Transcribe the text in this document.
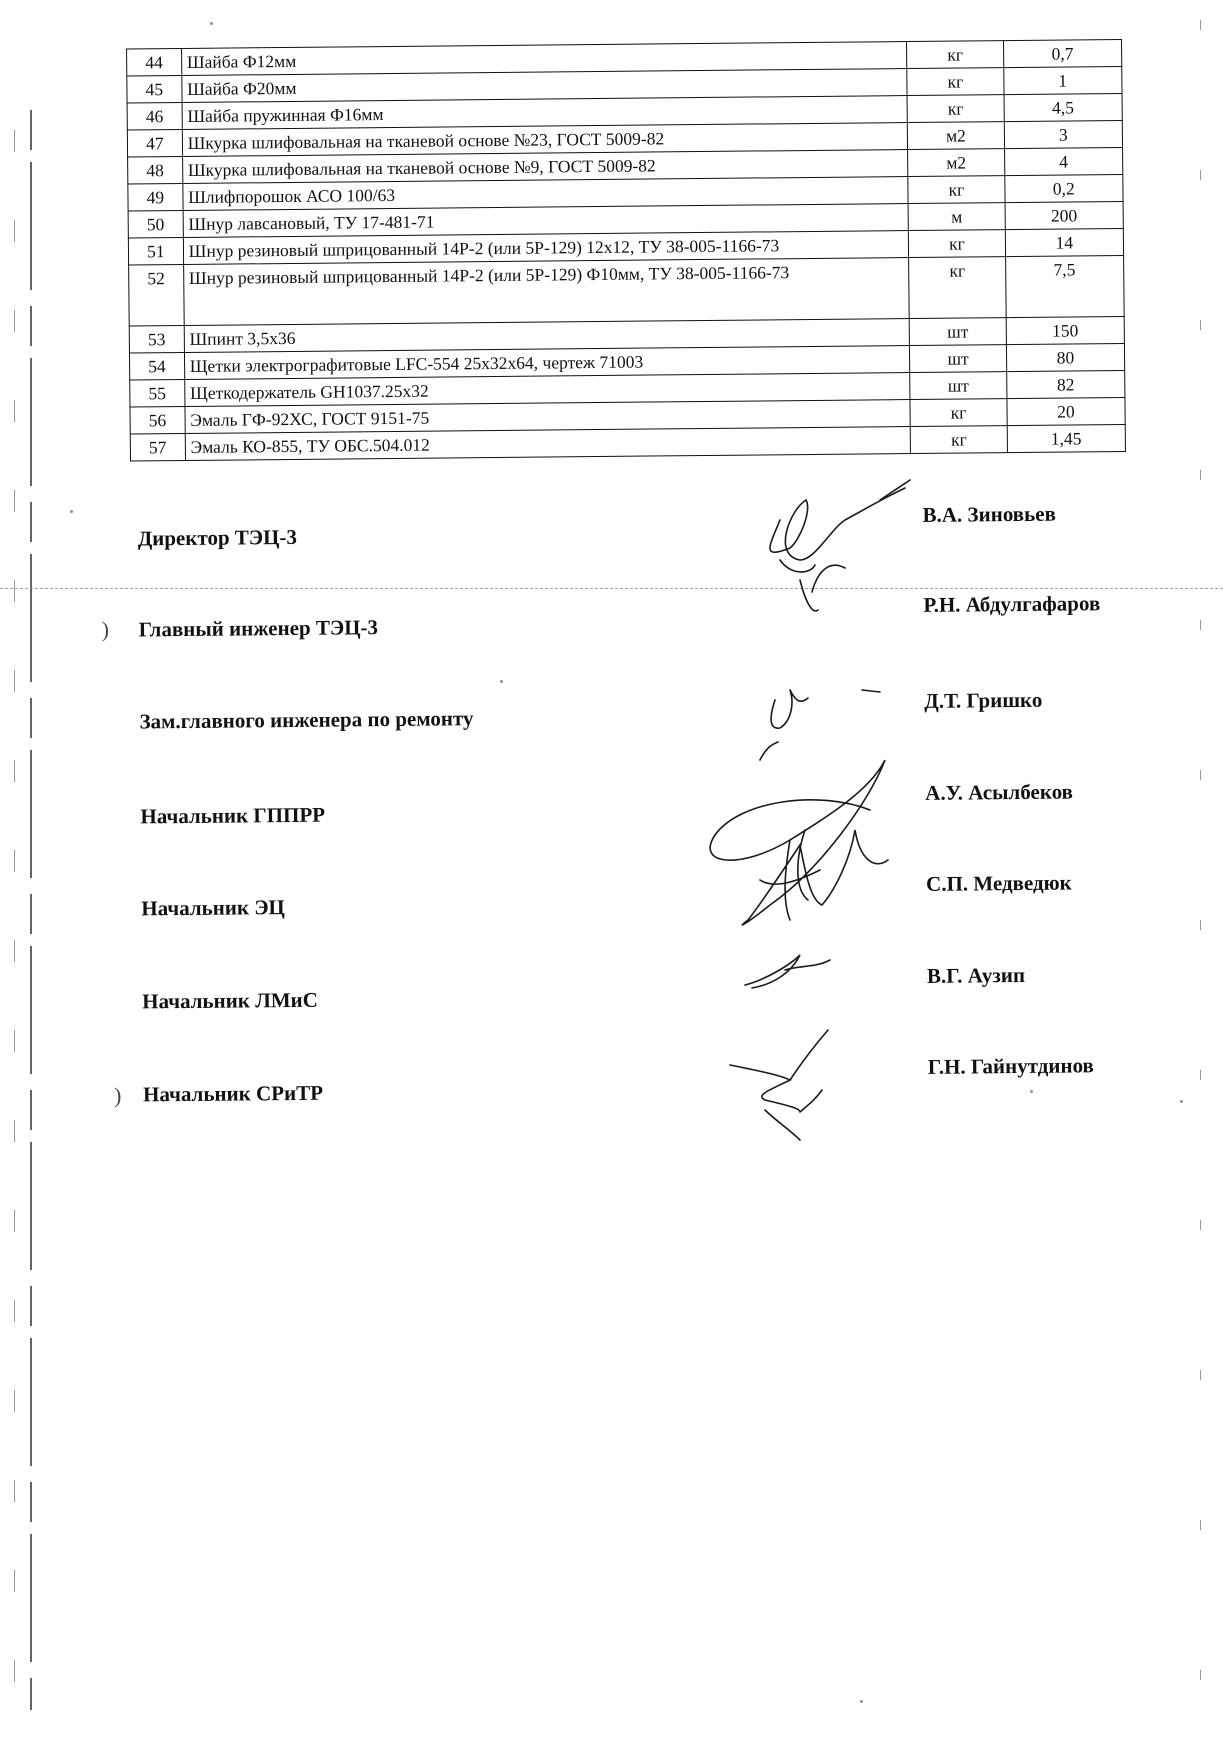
44	Шайба Ф12мм	кг	0,7
45	Шайба Ф20мм	кг	1
46	Шайба пружинная Ф16мм	кг	4,5
47	Шкурка шлифовальная на тканевой основе №23, ГОСТ 5009-82	м2	3
48	Шкурка шлифовальная на тканевой основе №9, ГОСТ 5009-82	м2	4
49	Шлифпорошок АСО 100/63	кг	0,2
50	Шнур лавсановый, ТУ 17-481-71	м	200
51	Шнур резиновый шприцованный 14Р-2 (или 5Р-129) 12х12, ТУ 38-005-1166-73	кг	14
52	Шнур резиновый шприцованный 14Р-2 (или 5Р-129) Ф10мм, ТУ 38-005-1166-73	кг	7,5
53	Шпинт 3,5х36	шт	150
54	Щетки электрографитовые LFC-554 25х32х64, чертеж 71003	шт	80
55	Щеткодержатель GH1037.25х32	шт	82
56	Эмаль ГФ-92ХС, ГОСТ 9151-75	кг	20
57	Эмаль КО-855, ТУ ОБС.504.012	кг	1,45
Директор ТЭЦ-3
В.А. Зиновьев
Главный инженер ТЭЦ-3
Р.Н. Абдулгафаров
Зам.главного инженера по ремонту
Д.Т. Гришко
Начальник ГППРР
А.У. Асылбеков
Начальник ЭЦ
С.П. Медведюк
Начальник ЛМиС
В.Г. Аузип
Начальник СРиТР
Г.Н. Гайнутдинов
)
)
